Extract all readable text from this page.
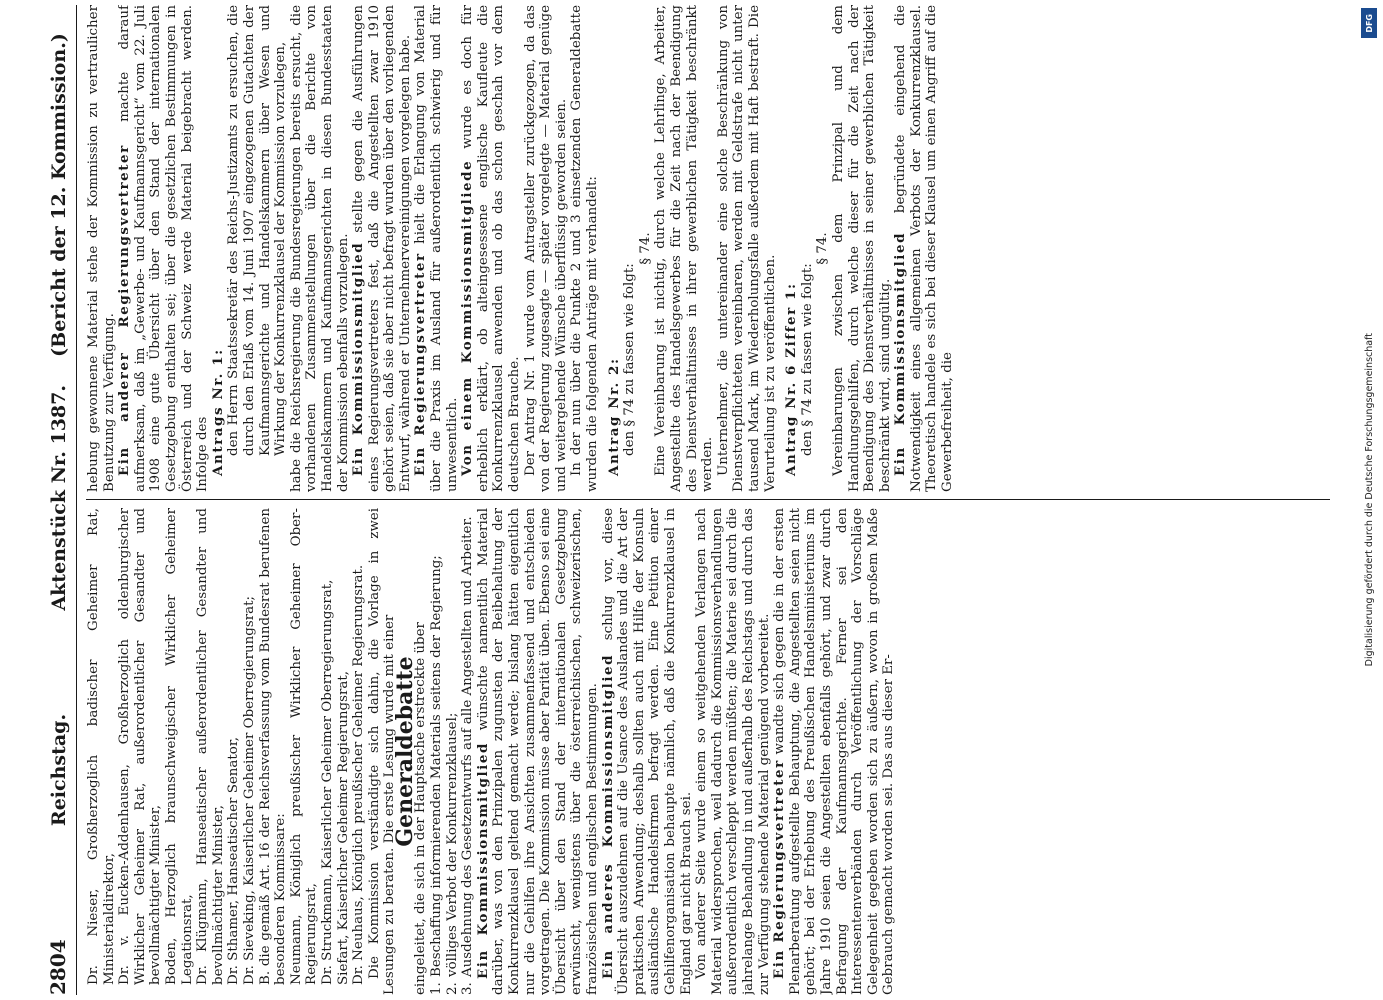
2804
Reichstag.
Aktenstück Nr. 1387.
(Bericht der 12. Kommission.)

Dr. Nieser, Großherzoglich badischer Geheimer Rat, Ministerialdirektor, Dr. v. Eucken-Addenhausen, Großherzoglich oldenburgischer Wirklicher Geheimer Rat, außerordentlicher Gesandter und bevollmächtigter Minister, Boden, Herzoglich braunschweigischer Wirklicher Geheimer Legationsrat, Dr. Klügmann, Hanseatischer außerordentlicher Gesandter und bevollmächtigter Minister, Dr. Sthamer, Hanseatischer Senator, Dr. Sieveking, Kaiserlicher Geheimer Oberregierungsrat; B. die gemäß Art. 16 der Reichsverfassung vom Bundesrat berufenen besonderen Kommissare: Neumann, Königlich preußischer Wirklicher Geheimer Ober-Regierungsrat, Dr. Struckmann, Kaiserlicher Geheimer Oberregierungsrat, Siefart, Kaiserlicher Geheimer Regierungsrat, Dr. Neuhaus, Königlich preußischer Geheimer Regierungsrat. Die Kommission verständigte sich dahin, die Vorlage in zwei Lesungen zu beraten. Die erste Lesung wurde mit einer

Generaldebatte

eingeleitet, die sich in der Hauptsache erstreckte über 1.Beschaffung informierenden Materials seitens der Regierung;

2.völliges Verbot der Konkurrenzklausel;

3.Ausdehnung des Gesetzentwurfs auf alle Angestellten und Arbeiter. Ein Kommissionsmitglied wünschte namentlich Material darüber, was von den Prinzipalen zugunsten der Beibehaltung der Konkurrenzklausel geltend gemacht werde; bislang hätten eigentlich nur die Gehilfen ihre Ansichten zusammenfassend und entschieden vorgetragen. Die Kommission müsse aber Parität üben. Ebenso sei eine Übersicht über den Stand der internationalen Gesetzgebung erwünscht, wenigstens über die österreichischen, schweizerischen, französischen und englischen Bestimmungen. Ein anderes Kommissionsmitglied schlug vor, diese Übersicht auszudehnen auf die Usance des Auslandes und die Art der praktischen Anwendung; deshalb sollten auch mit Hilfe der Konsuln ausländische Handelsfirmen befragt werden. Eine Petition einer Gehilfenorganisation behaupte nämlich, daß die Konkurrenzklausel in England gar nicht Brauch sei. Von anderer Seite wurde einem so weitgehenden Verlangen nach Material widersprochen, weil dadurch die Kommissionsverhandlungen außerordentlich verschleppt werden müßten; die Materie sei durch die jahrelange Behandlung in und außerhalb des Reichstags und durch das zur Verfügung stehende Material genügend vorbereitet. Ein Regierungsvertreter wandte sich gegen die in der ersten Plenarberatung aufgestellte Behauptung, die Angestellten seien nicht gehört; bei der Erhebung des Preußischen Handelsministeriums im Jahre 1910 seien die Angestellten ebenfalls gehört, und zwar durch Befragung der Kaufmannsgerichte. Ferner sei den Interessentenverbänden durch Veröffentlichung der Vorschläge Gelegenheit gegeben worden sich zu äußern, wovon in großem Maße Gebrauch gemacht worden sei. Das aus dieser Er-

hebung gewonnene Material stehe der Kommission zu vertraulicher Benutzung zur Verfügung. Ein anderer Regierungsvertreter machte darauf aufmerksam, daß im „Gewerbe- und Kaufmannsgericht“ vom 22. Juli 1908 eine gute Übersicht über den Stand der internationalen Gesetzgebung enthalten sei; über die gesetzlichen Bestimmungen in Österreich und der Schweiz werde Material beigebracht werden. Infolge des Antrags Nr. 1: den Herrn Staatssekretär des Reichs-Justizamts zu ersuchen, die durch den Erlaß vom 14. Juni 1907 eingezogenen Gutachten der Kaufmannsgerichte und Handelskammern über Wesen und Wirkung der Konkurrenzklausel der Kommission vorzulegen, habe die Reichsregierung die Bundesregierungen bereits ersucht, die vorhandenen Zusammenstellungen über die Berichte von Handelskammern und Kaufmannsgerichten in diesen Bundesstaaten der Kommission ebenfalls vorzulegen. Ein Kommissionsmitglied stellte gegen die Ausführungen eines Regierungsvertreters fest, daß die Angestellten zwar 1910 gehört seien, daß sie aber nicht befragt wurden über den vorliegenden Entwurf, während er Unternehmervereinigungen vorgelegen habe. Ein Regierungsvertreter hielt die Erlangung von Material über die Praxis im Ausland für außerordentlich schwierig und für unwesentlich. Von einem Kommissionsmitgliede wurde es doch für erheblich erklärt, ob alteingesessene englische Kaufleute die Konkurrenzklausel anwenden und ob das schon geschah vor dem deutschen Brauche. Der Antrag Nr. 1 wurde vom Antragsteller zurückgezogen, da das von der Regierung zugesagte — später vorgelegte — Material genüge und weitergehende Wünsche überflüssig geworden seien. In der nun über die Punkte 2 und 3 einsetzenden Generaldebatte wurden die folgenden Anträge mit verhandelt: Antrag Nr. 2: den § 74 zu fassen wie folgt:

§ 74. Eine Vereinbarung ist nichtig, durch welche Lehrlinge, Arbeiter, Angestellte des Handelsgewerbes für die Zeit nach der Beendigung des Dienstverhältnisses in ihrer gewerblichen Tätigkeit beschränkt werden. Unternehmer, die untereinander eine solche Beschränkung von Dienstverpflichteten vereinbaren, werden mit Geldstrafe nicht unter tausend Mark, im Wiederholungsfalle außerdem mit Haft bestraft. Die Verurteilung ist zu veröffentlichen. Antrag Nr. 6 Ziffer 1: den § 74 zu fassen wie folgt:

§ 74. Vereinbarungen zwischen dem Prinzipal und dem Handlungsgehilfen, durch welche dieser für die Zeit nach der Beendigung des Dienstverhältnisses in seiner gewerblichen Tätigkeit beschränkt wird, sind ungültig. Ein Kommissionsmitglied begründete eingehend die Notwendigkeit eines allgemeinen Verbots der Konkurrenzklausel. Theoretisch handele es sich bei dieser Klausel um einen Angriff auf die Gewerbefreiheit, die

DFG
Digitalisierung gefördert durch die Deutsche Forschungsgemeinschaft
